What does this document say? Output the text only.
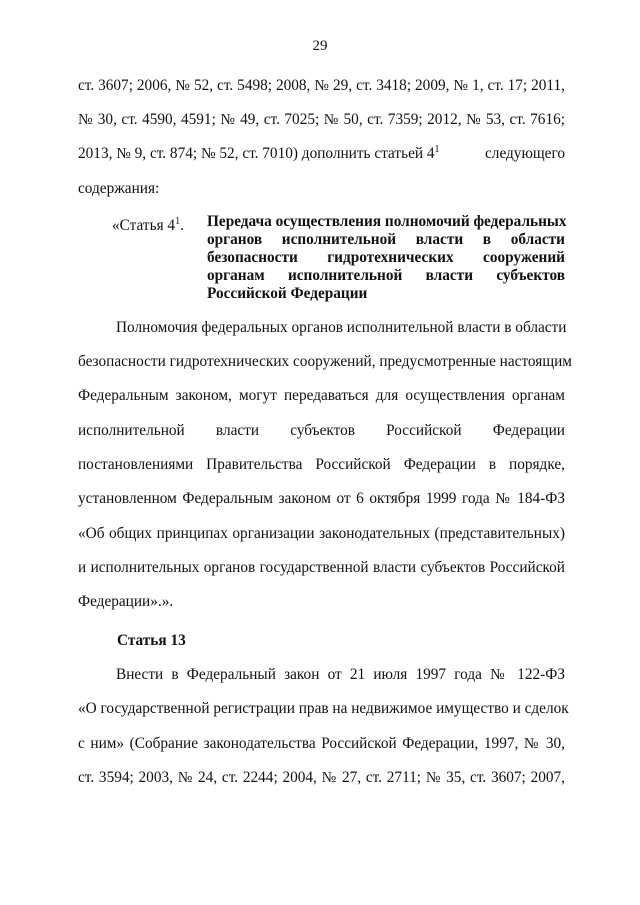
29
ст. 3607; 2006, № 52, ст. 5498; 2008, № 29, ст. 3418; 2009, № 1, ст. 17; 2011,
№ 30, ст. 4590, 4591; № 49, ст. 7025; № 50, ст. 7359; 2012, № 53, ст. 7616;
2013, № 9, ст. 874; № 52, ст. 7010) дополнить статьей $4^1$	следующего
содержания:
«Статья $4^1$. Передача осуществления полномочий федеральных
органов исполнительной власти в области
безопасности гидротехнических сооружений
органам исполнительной власти субъектов
Российской Федерации
Полномочия федеральных органов исполнительной власти в области
безопасности гидротехнических сооружений, предусмотренные настоящим
Федеральным законом, могут передаваться для осуществления органам
исполнительной власти субъектов Российской Федерации
постановлениями Правительства Российской Федерации в порядке,
установленном Федеральным законом от 6 октября 1999 года № 184-ФЗ
«Об общих принципах организации законодательных (представительных)
и исполнительных органов государственной власти субъектов Российской
Федерации».».
Статья 13
Внести в Федеральный закон от 21 июля 1997 года № 122-ФЗ
«О государственной регистрации прав на недвижимое имущество и сделок
с ним» (Собрание законодательства Российской Федерации, 1997, № 30,
ст. 3594; 2003, № 24, ст. 2244; 2004, № 27, ст. 2711; № 35, ст. 3607; 2007,
